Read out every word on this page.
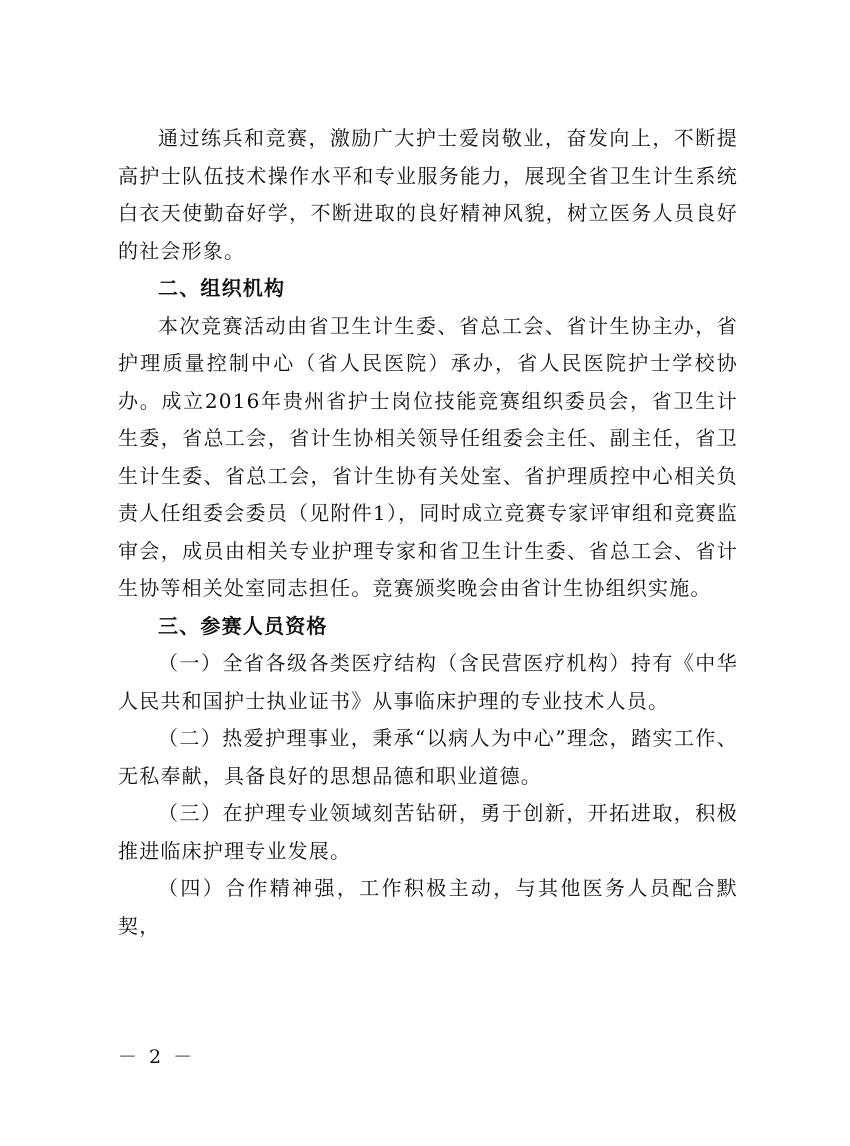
通过练兵和竞赛，激励广大护士爱岗敬业，奋发向上，不断提高护士队伍技术操作水平和专业服务能力，展现全省卫生计生系统白衣天使勤奋好学，不断进取的良好精神风貌，树立医务人员良好的社会形象。

二、组织机构

本次竞赛活动由省卫生计生委、省总工会、省计生协主办，省护理质量控制中心（省人民医院）承办，省人民医院护士学校协办。成立2016年贵州省护士岗位技能竞赛组织委员会，省卫生计生委，省总工会，省计生协相关领导任组委会主任、副主任，省卫生计生委、省总工会，省计生协有关处室、省护理质控中心相关负责人任组委会委员（见附件1），同时成立竞赛专家评审组和竞赛监审会，成员由相关专业护理专家和省卫生计生委、省总工会、省计生协等相关处室同志担任。竞赛颁奖晚会由省计生协组织实施。

三、参赛人员资格

（一）全省各级各类医疗结构（含民营医疗机构）持有《中华人民共和国护士执业证书》从事临床护理的专业技术人员。

（二）热爱护理事业，秉承“以病人为中心”理念，踏实工作、无私奉献，具备良好的思想品德和职业道德。

（三）在护理专业领域刻苦钻研，勇于创新，开拓进取，积极推进临床护理专业发展。

（四）合作精神强，工作积极主动，与其他医务人员配合默契，

－ 2 －
